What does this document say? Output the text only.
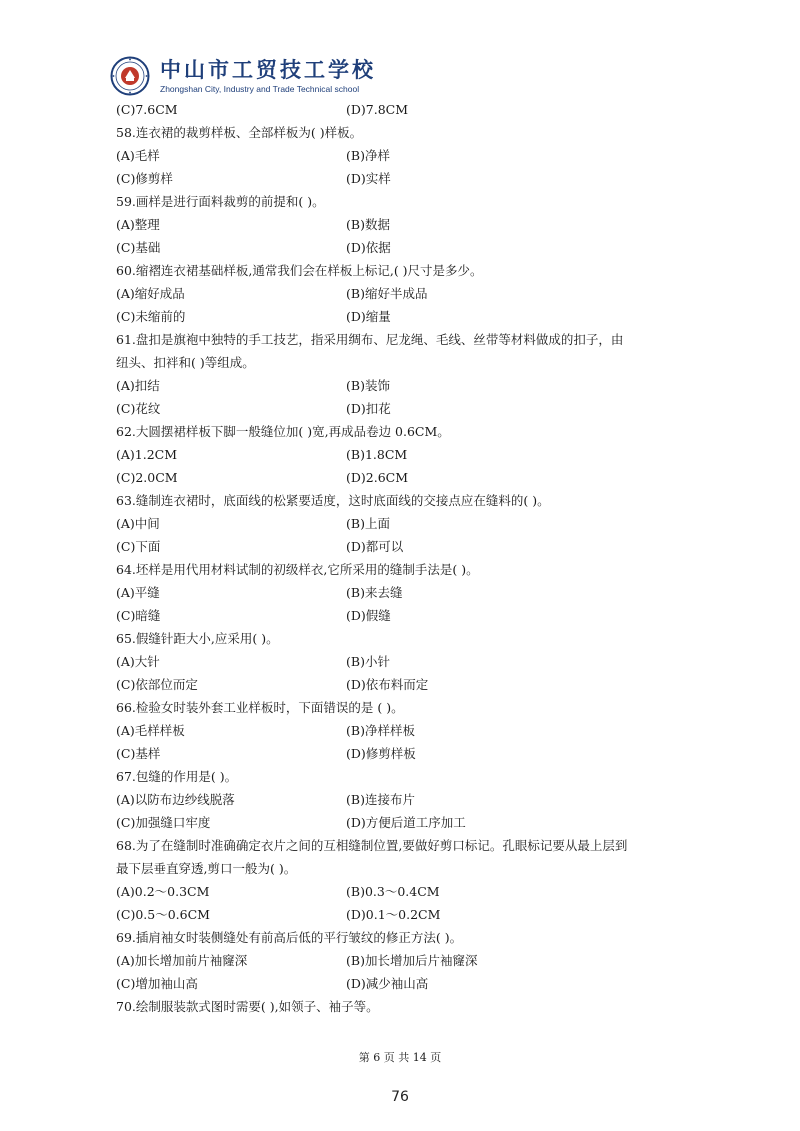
中山市工贸技工学校
Zhongshan City, Industry and Trade Technical school
(C)7.6CM	(D)7.8CM
58.连衣裙的裁剪样板、全部样板为( )样板。
(A)毛样	(B)净样
(C)修剪样	(D)实样
59.画样是进行面料裁剪的前提和( )。
(A)整理	(B)数据
(C)基础	(D)依据
60.缩褶连衣裙基础样板,通常我们会在样板上标记,( )尺寸是多少。
(A)缩好成品	(B)缩好半成品
(C)未缩前的	(D)缩量
61.盘扣是旗袍中独特的手工技艺，指采用绸布、尼龙绳、毛线、丝带等材料做成的扣子，由
纽头、扣袢和( )等组成。
(A)扣结	(B)装饰
(C)花纹	(D)扣花
62.大圆摆裙样板下脚一般缝位加( )宽,再成品卷边 0.6CM。
(A)1.2CM	(B)1.8CM
(C)2.0CM	(D)2.6CM
63.缝制连衣裙时，底面线的松紧要适度，这时底面线的交接点应在缝料的( )。
(A)中间	(B)上面
(C)下面	(D)都可以
64.坯样是用代用材料试制的初级样衣,它所采用的缝制手法是( )。
(A)平缝	(B)来去缝
(C)暗缝	(D)假缝
65.假缝针距大小,应采用( )。
(A)大针	(B)小针
(C)依部位而定	(D)依布料而定
66.检验女时装外套工业样板时，下面错误的是 ( )。
(A)毛样样板	(B)净样样板
(C)基样	(D)修剪样板
67.包缝的作用是( )。
(A)以防布边纱线脱落	(B)连接布片
(C)加强缝口牢度	(D)方便后道工序加工
68.为了在缝制时准确确定衣片之间的互相缝制位置,要做好剪口标记。孔眼标记要从最上层到
最下层垂直穿透,剪口一般为( )。
(A)0.2～0.3CM	(B)0.3～0.4CM
(C)0.5～0.6CM	(D)0.1～0.2CM
69.插肩袖女时装侧缝处有前高后低的平行皱纹的修正方法( )。
(A)加长增加前片袖窿深	(B)加长增加后片袖窿深
(C)增加袖山高	(D)减少袖山高
70.绘制服装款式图时需要( ),如领子、袖子等。
第 6 页 共 14 页
76
